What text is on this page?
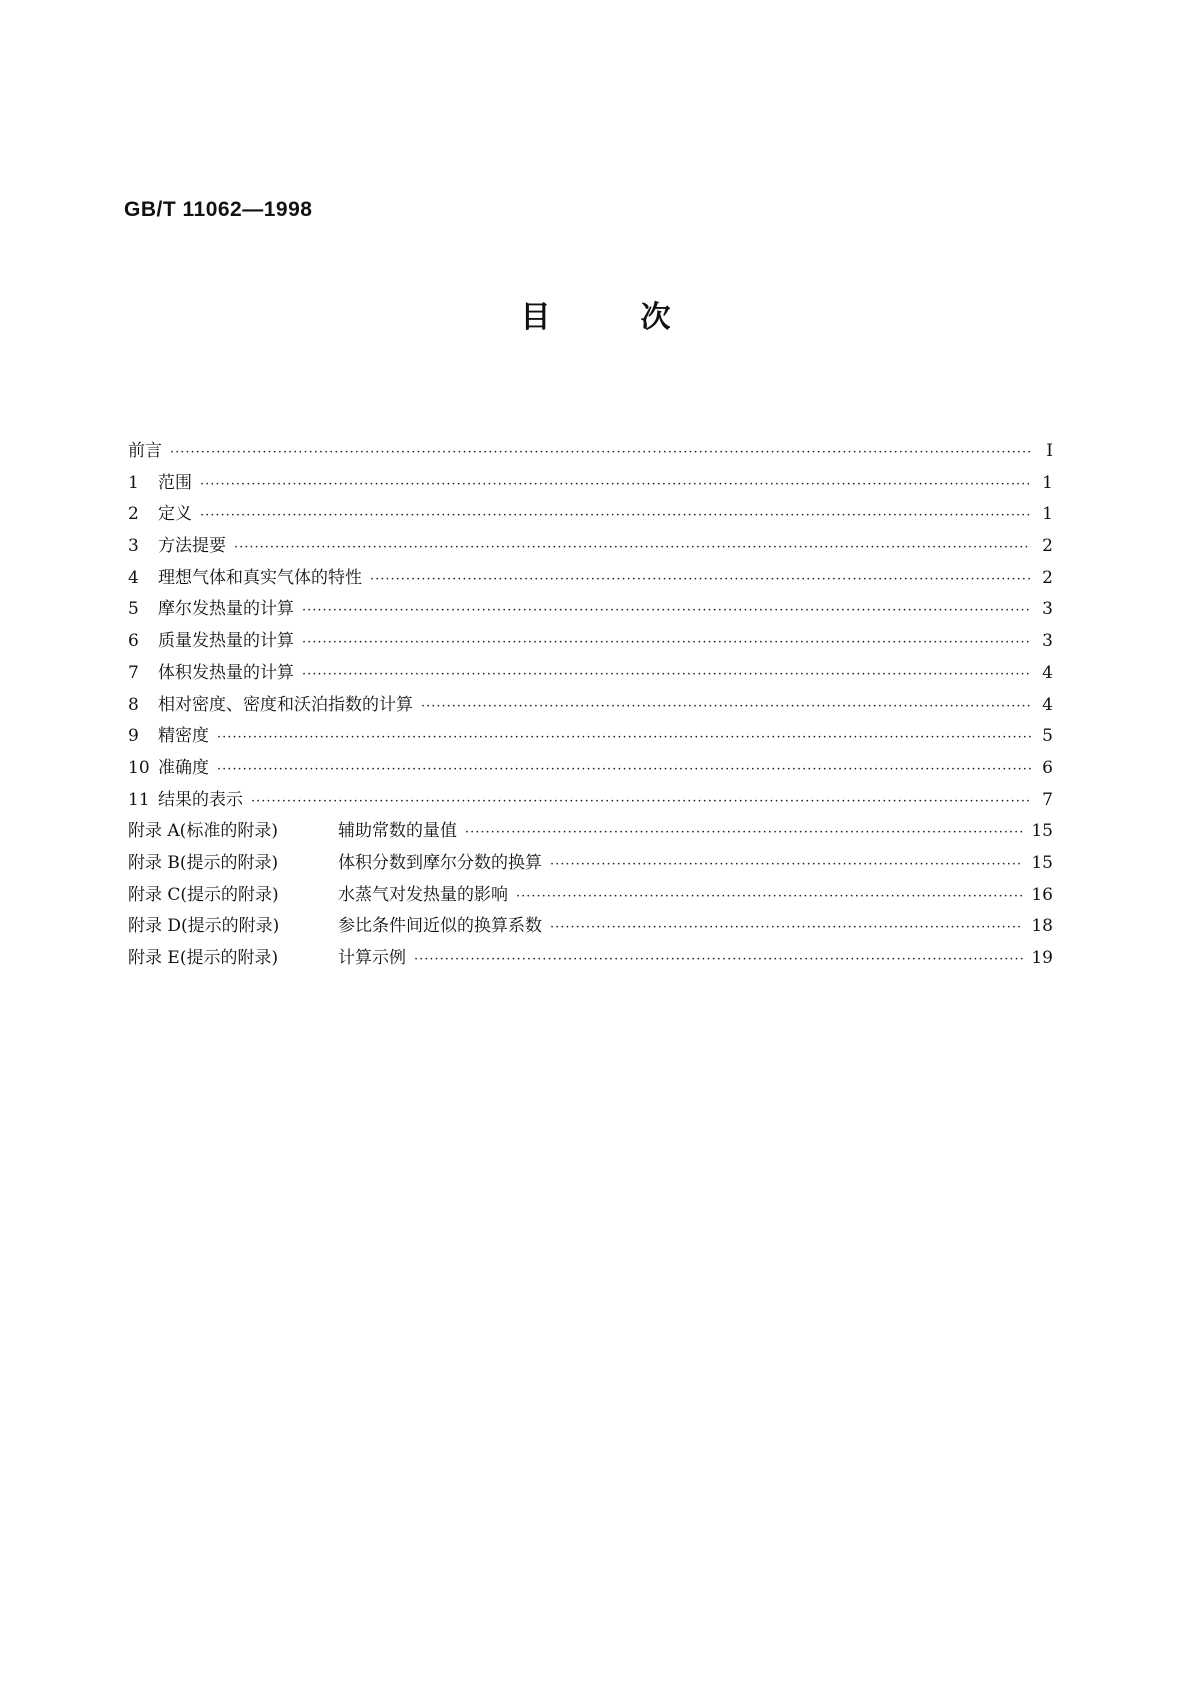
GB/T 11062—1998
目次
前言 ·····	I
1	范围 ·····	1
2	定义 ·····	1
3	方法提要 ·····	2
4	理想气体和真实气体的特性 ·····	2
5	摩尔发热量的计算 ·····	3
6	质量发热量的计算 ·····	3
7	体积发热量的计算 ·····	4
8	相对密度、密度和沃泊指数的计算 ·····	4
9	精密度 ·····	5
10 准确度 ·····	6
11 结果的表示 ·····	7
附录 A(标准的附录)	辅助常数的量值 ·····	15
附录 B(提示的附录)	体积分数到摩尔分数的换算 ·····	15
附录 C(提示的附录)	水蒸气对发热量的影响 ·····	16
附录 D(提示的附录)	参比条件间近似的换算系数 ·····	18
附录 E(提示的附录)	计算示例 ·····	19
